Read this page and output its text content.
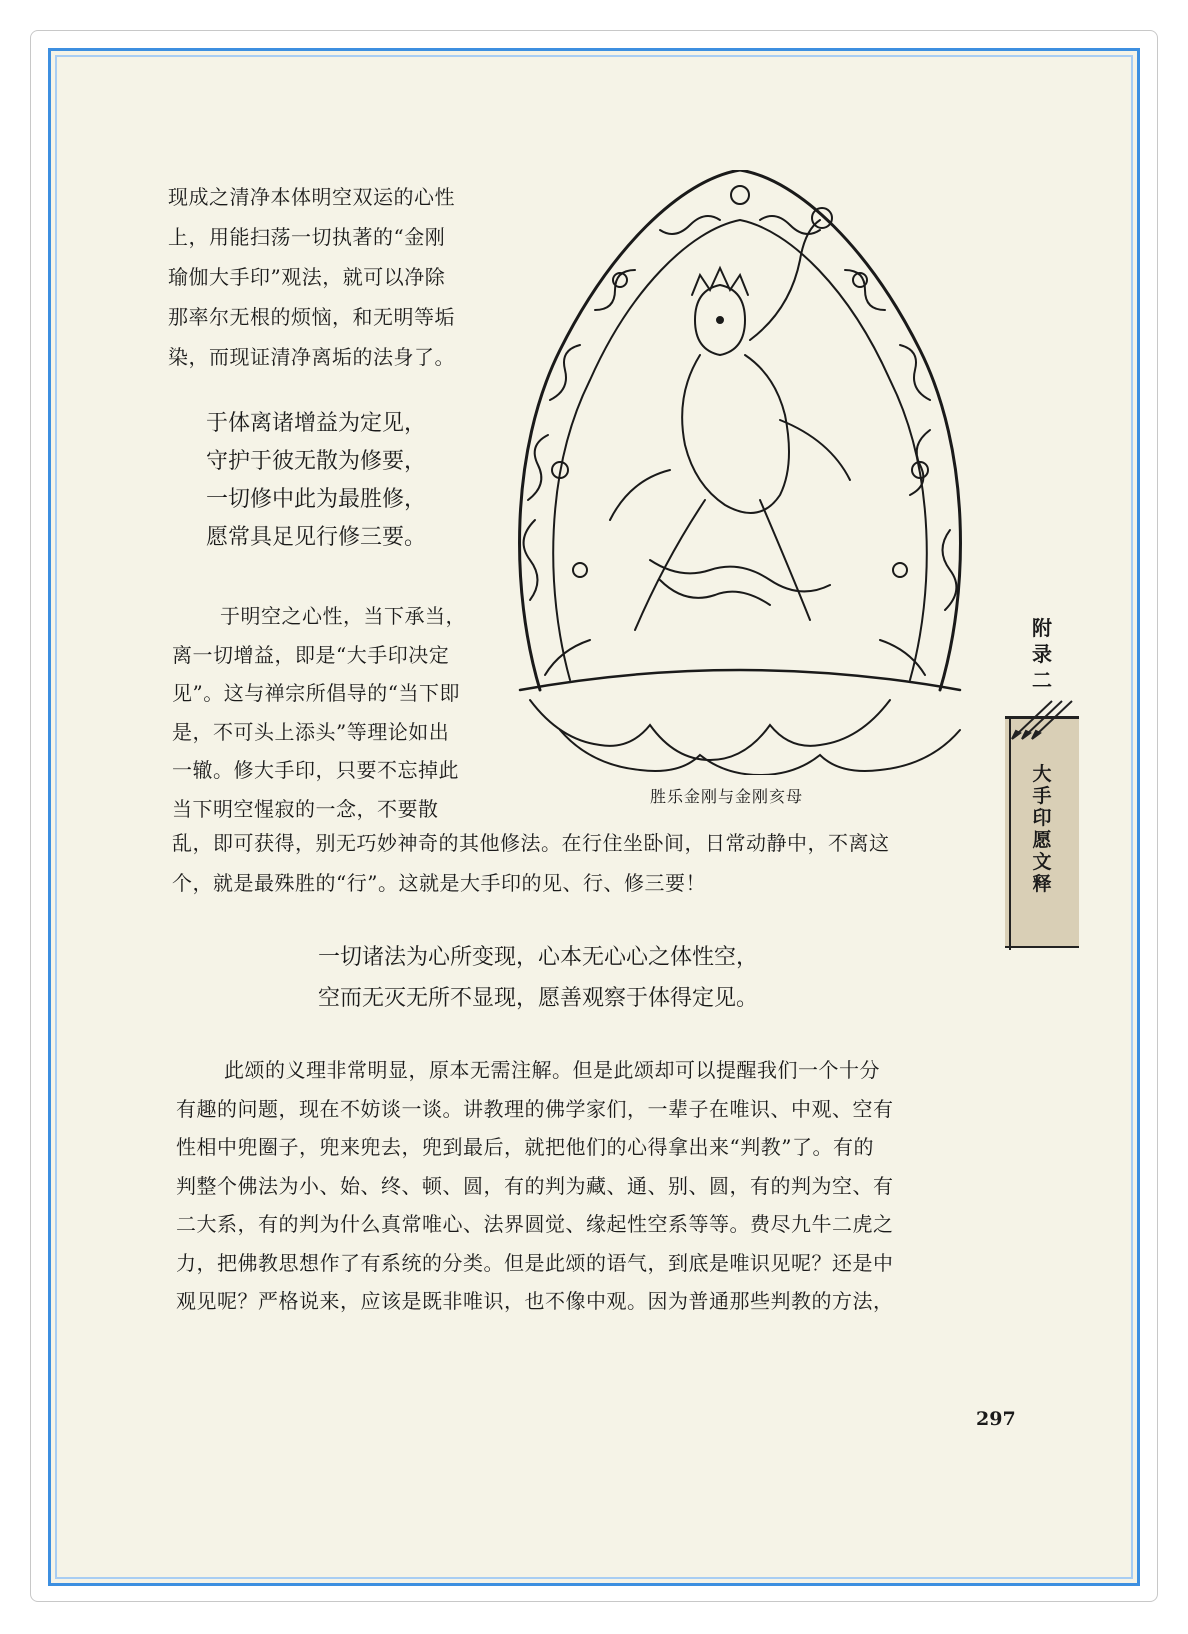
现成之清净本体明空双运的心性
上，用能扫荡一切执著的“金刚
瑜伽大手印”观法，就可以净除
那率尔无根的烦恼，和无明等垢
染，而现证清净离垢的法身了。
于体离诸增益为定见，
守护于彼无散为修要，
一切修中此为最胜修，
愿常具足见行修三要。
于明空之心性，当下承当，
离一切增益，即是“大手印决定
见”。这与禅宗所倡导的“当下即
是，不可头上添头”等理论如出
一辙。修大手印，只要不忘掉此
当下明空惺寂的一念，不要散
乱，即可获得，别无巧妙神奇的其他修法。在行住坐卧间，日常动静中，不离这
个，就是最殊胜的“行”。这就是大手印的见、行、修三要！
一切诸法为心所变现，心本无心心之体性空，
空而无灭无所不显现，愿善观察于体得定见。
此颂的义理非常明显，原本无需注解。但是此颂却可以提醒我们一个十分
有趣的问题，现在不妨谈一谈。讲教理的佛学家们，一辈子在唯识、中观、空有
性相中兜圈子，兜来兜去，兜到最后，就把他们的心得拿出来“判教”了。有的
判整个佛法为小、始、终、顿、圆，有的判为藏、通、别、圆，有的判为空、有
二大系，有的判为什么真常唯心、法界圆觉、缘起性空系等等。费尽九牛二虎之
力，把佛教思想作了有系统的分类。但是此颂的语气，到底是唯识见呢？还是中
观见呢？严格说来，应该是既非唯识，也不像中观。因为普通那些判教的方法，
胜乐金刚与金刚亥母
附
录
二
大
手
印
愿
文
释
297
